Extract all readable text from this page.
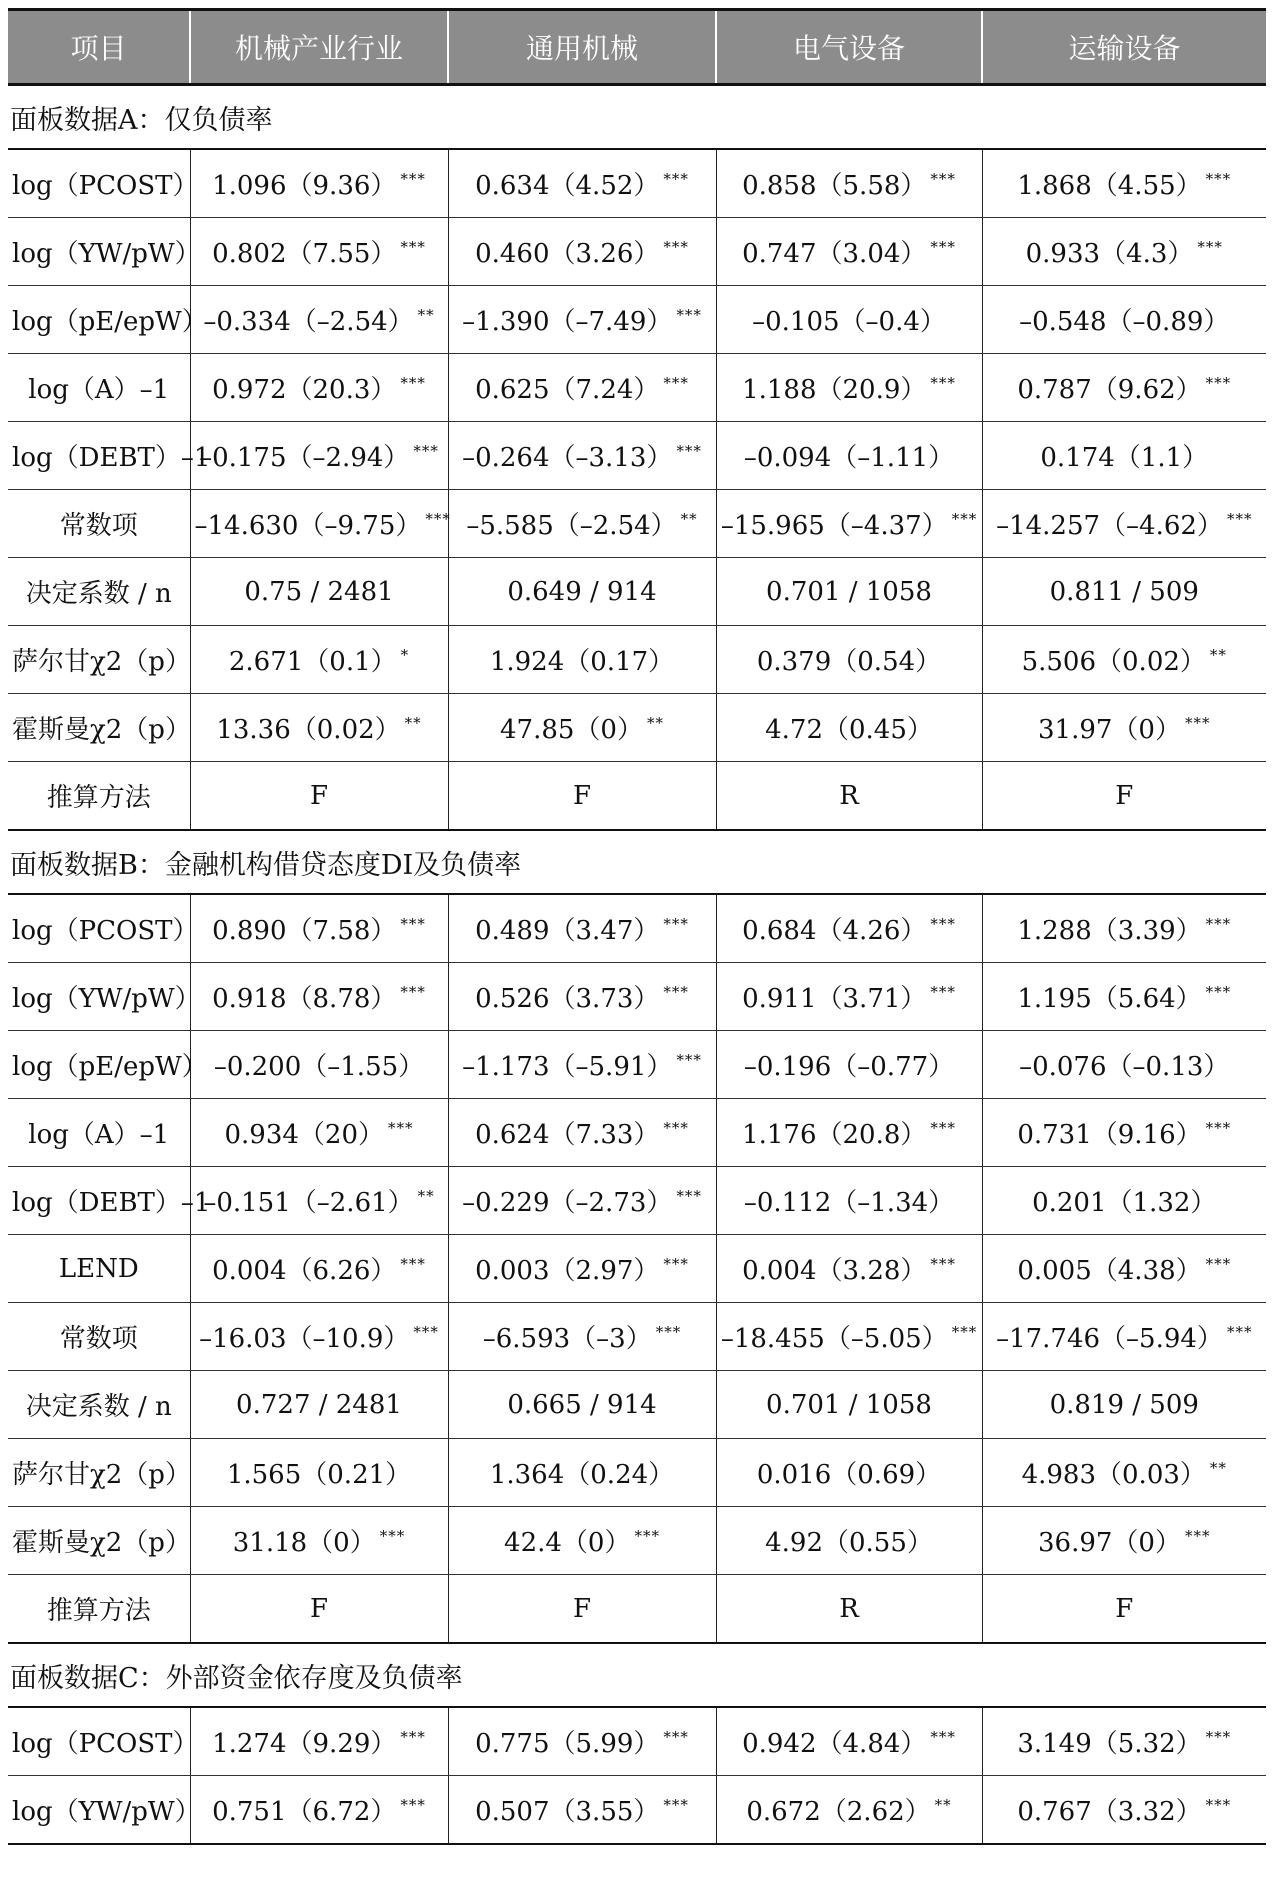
项目	机械产业行业	通用机械	电气设备	运输设备
面板数据A：仅负债率				
log（PCOST）	1.096（9.36） ***	0.634（4.52） ***	0.858（5.58） ***	1.868（4.55） ***
log（YW/pW）	0.802（7.55） ***	0.460（3.26） ***	0.747（3.04） ***	0.933（4.3） ***
log（pE/epW）	–0.334（–2.54） **	–1.390（–7.49） ***	–0.105（–0.4）	–0.548（–0.89）
log（A）–1	0.972（20.3） ***	0.625（7.24） ***	1.188（20.9） ***	0.787（9.62） ***
log（DEBT）–1	–0.175（–2.94） ***	–0.264（–3.13） ***	–0.094（–1.11）	0.174（1.1）
常数项	–14.630（–9.75） ***	–5.585（–2.54） **	–15.965（–4.37） ***	–14.257（–4.62） ***
决定系数 / n	0.75 / 2481	0.649 / 914	0.701 / 1058	0.811 / 509
萨尔甘χ2（p）	2.671（0.1） *	1.924（0.17）	0.379（0.54）	5.506（0.02） **
霍斯曼χ2（p）	13.36（0.02） **	47.85（0） **	4.72（0.45）	31.97（0） ***
推算方法	F	F	R	F
面板数据B：金融机构借贷态度DI及负债率				
log（PCOST）	0.890（7.58） ***	0.489（3.47） ***	0.684（4.26） ***	1.288（3.39） ***
log（YW/pW）	0.918（8.78） ***	0.526（3.73） ***	0.911（3.71） ***	1.195（5.64） ***
log（pE/epW）	–0.200（–1.55）	–1.173（–5.91） ***	–0.196（–0.77）	–0.076（–0.13）
log（A）–1	0.934（20） ***	0.624（7.33） ***	1.176（20.8） ***	0.731（9.16） ***
log（DEBT）–1	–0.151（–2.61） **	–0.229（–2.73） ***	–0.112（–1.34）	0.201（1.32）
LEND	0.004（6.26） ***	0.003（2.97） ***	0.004（3.28） ***	0.005（4.38） ***
常数项	–16.03（–10.9） ***	–6.593（–3） ***	–18.455（–5.05） ***	–17.746（–5.94） ***
决定系数 / n	0.727 / 2481	0.665 / 914	0.701 / 1058	0.819 / 509
萨尔甘χ2（p）	1.565（0.21）	1.364（0.24）	0.016（0.69）	4.983（0.03） **
霍斯曼χ2（p）	31.18（0） ***	42.4（0） ***	4.92（0.55）	36.97（0） ***
推算方法	F	F	R	F
面板数据C：外部资金依存度及负债率				
log（PCOST）	1.274（9.29） ***	0.775（5.99） ***	0.942（4.84） ***	3.149（5.32） ***
log（YW/pW）	0.751（6.72） ***	0.507（3.55） ***	0.672（2.62） **	0.767（3.32） ***
